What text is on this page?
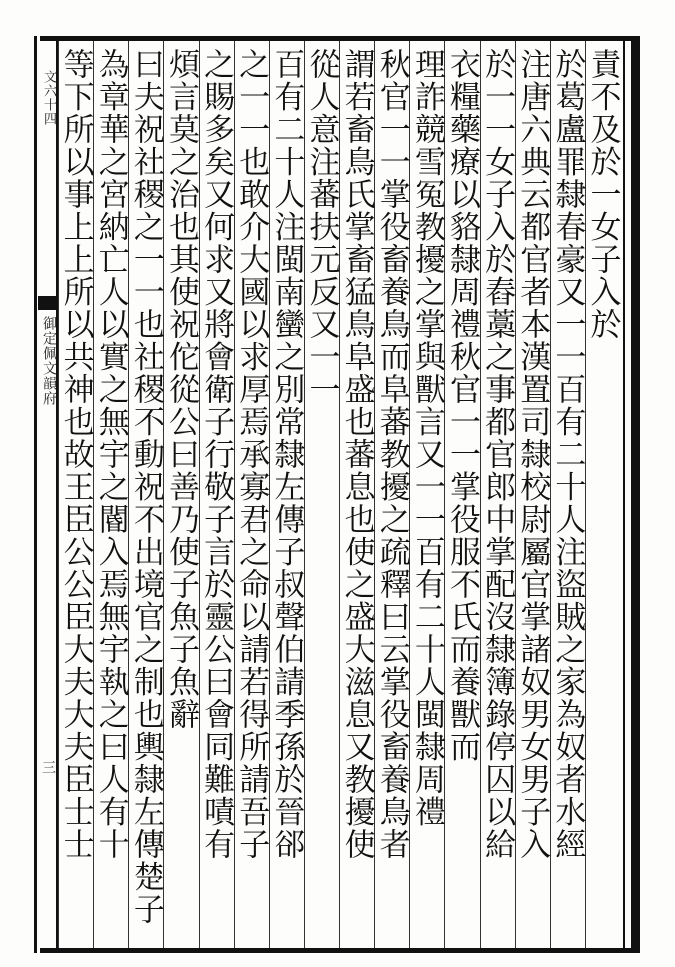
文六十四
御定佩文韻府
三
責不及於一女子入於
於葛盧罪隸春豪又一一百有二十人注盜賊之家為奴者水經
注唐六典云都官者本漢置司隸校尉屬官掌諸奴男女男子入
於一一女子入於舂藁之事都官郎中掌配沒隸簿錄停囚以給
衣糧藥療以貉隸周禮秋官一一掌役服不氏而養獸而
理詐競雪冤教擾之掌與獸言又一一百有二十人閩隸周禮
秋官一一掌役畜養鳥而阜蕃教擾之疏釋曰云掌役畜養鳥者
謂若畜鳥氏掌畜猛鳥阜盛也蕃息也使之盛大滋息又教擾使
從人意注蕃扶元反又一一
百有二十人注閩南蠻之別常隸左傳子叔聲伯請季孫於晉郤
之一一也敢介大國以求厚焉承寡君之命以請若得所請吾子
之賜多矣又何求又將會衛子行敬子言於靈公曰會同難嘖有
煩言莫之治也其使祝佗從公曰善乃使子魚子魚辭
曰夫祝社稷之一一也社稷不動祝不出境官之制也輿隸左傳楚子
為章華之宮納亡人以實之無宇之閽入焉無宇執之曰人有十
等下所以事上上所以共神也故王臣公公臣大夫大夫臣士士
